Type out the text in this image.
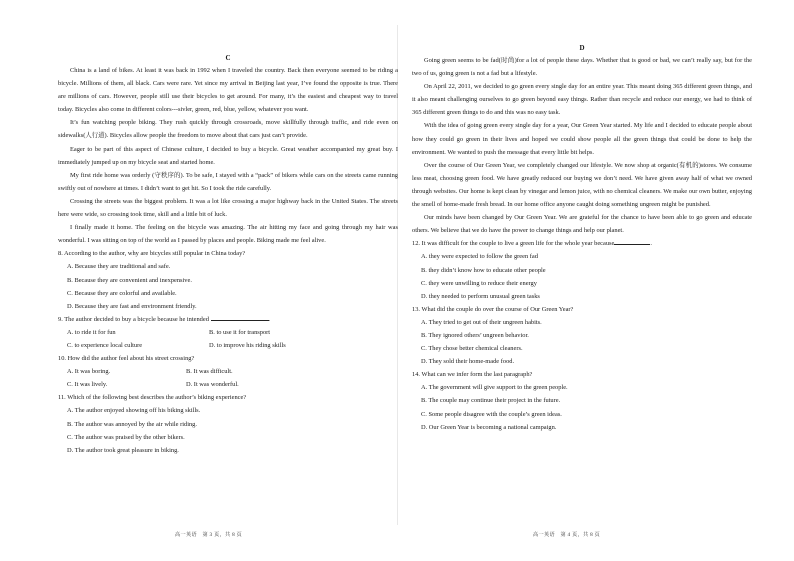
C

China is a land of bikes. At least it was back in 1992 when I traveled the country. Back then everyone seemed to be riding a bicycle. Millions of them, all black. Cars were rare. Yet since my arrival in Beijing last year, I’ve found the opposite is true. There are millions of cars. However, people still use their bicycles to get around. For many, it’s the easiest and cheapest way to travel today. Bicycles also come in different colors---sivler, green, red, blue, yellow, whatever you want.

It’s fun watching people biking. They rush quickly through crossroads, move skillfully through traffic, and ride even on sidewalks(人行道). Bicycles allow people the freedom to move about that cars just can’t provide.

Eager to be part of this aspect of Chinese culture, I decided to buy a bicycle. Great weather accompanied my great buy. I immediately jumped up on my bicycle seat and started home.

My first ride home was orderly (守秩序的). To be safe, I stayed with a “pack” of bikers while cars on the streets came running swiftly out of nowhere at times. I didn’t want to get hit. So I took the ride carefully.

Crossing the streets was the biggest problem. It was a lot like crossing a major highway back in the United States. The streets here were wide, so crossing took time, skill and a little bit of luck.

I finally made it home. The feeling on the bicycle was amazing. The air hitting my face and going through my hair was wonderful. I was sitting on top of the world as I passed by places and people. Biking made me feel alive.

8. According to the author, why are bicycles still popular in China today?

A. Because they are traditional and safe.

B. Because they are convenient and inexpensive.

C. Because they are colorful and available.

D. Because they are fast and environment friendly.

9. The author decided to buy a bicycle because he intended	.

A. to ride it for fun	B. to use it for transport
C. to experience local culture	D. to improve his riding skills

10. How did the author feel about his street crossing?

A. It was boring.	B. It was difficult.
C. It was lively.	D. It was wonderful.

11. Which of the following best describes the author’s biking experience?

A. The author enjoyed showing off his biking skills.

B. The author was annoyed by the air while riding.

C. The author was praised by the other bikers.

D. The author took great pleasure in biking.

高一英语　第 3 页，共 8 页
D

Going green seems to be fad(时尚)for a lot of people these days. Whether that is good or bad, we can’t really say, but for the two of us, going green is not a fad but a lifestyle.

On April 22, 2011, we decided to go green every single day for an entire year. This meant doing 365 different green things, and it also meant challenging ourselves to go green beyond easy things. Rather than recycle and reduce our energy, we had to think of 365 different green things to do and this was no easy task.

With the idea of going green every single day for a year, Our Green Year started. My life and I decided to educate people about how they could go green in their lives and hoped we could show people all the green things that could be done to help the environment. We wanted to push the message that every little bit helps.

Over the course of Our Green Year, we completely changed our lifestyle. We now shop at organic(有机的)stores. We consume less meat, choosing green food. We have greatly reduced our buying we don’t need. We have given away half of what we owned through websites. Our home is kept clean by vinegar and lemon juice, with no chemical cleaners. We make our own butter, enjoying the smell of home-made fresh bread. In our home office anyone caught doing something ungreen might be punished.

Our minds have been changed by Our Green Year. We are grateful for the chance to have been able to go green and educate others. We believe that we do have the power to change things and help our planet.

12. It was difficult for the couple to live a green life for the whole year because	.

A. they were expected to follow the green fad

B. they didn’t know how to educate other people

C. they were unwilling to reduce their energy

D. they needed to perform unusual green tasks

13. What did the couple do over the course of Our Green Year?

A. They tried to get out of their ungreen habits.

B. They ignored others’ ungreen behavior.

C. They chose better chemical cleaners.

D. They sold their home-made food.

14. What can we infer form the last paragraph?

A. The government will give support to the green people.

B. The couple may continue their project in the future.

C. Some people disagree with the couple’s green ideas.

D. Our Green Year is becoming a national campaign.

高一英语　第 4 页，共 8 页
